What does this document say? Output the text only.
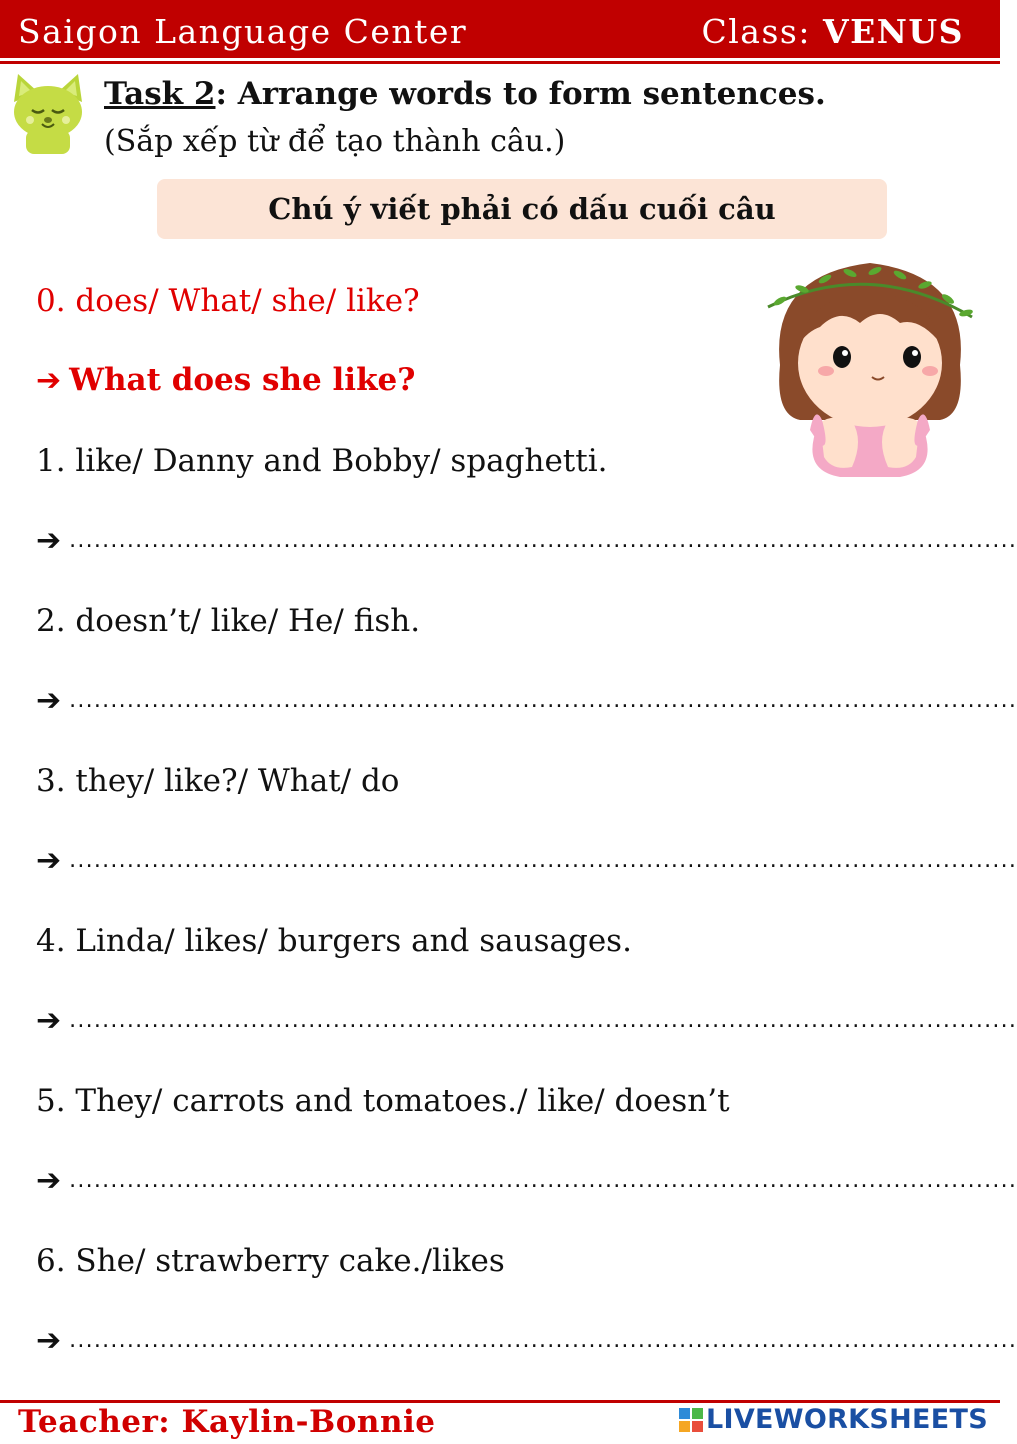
Saigon Language Center	Class: VENUS
Task 2: Arrange words to form sentences.
(Sắp xếp từ để tạo thành câu.)
Chú ý viết phải có dấu cuối câu
0. does/ What/ she/ like?
➔ What does she like?
1. like/ Danny and Bobby/ spaghetti.
➔ ...................................................................................................................
2. doesn’t/ like/ He/ fish.
➔ ...................................................................................................................
3. they/ like?/ What/ do
➔ ...................................................................................................................
4. Linda/ likes/ burgers and sausages.
➔ ...................................................................................................................
5. They/ carrots and tomatoes./ like/ doesn’t
➔ ...................................................................................................................
6. She/ strawberry cake./likes
➔ ...................................................................................................................
Teacher: Kaylin-Bonnie	LIVEWORKSHEETS
